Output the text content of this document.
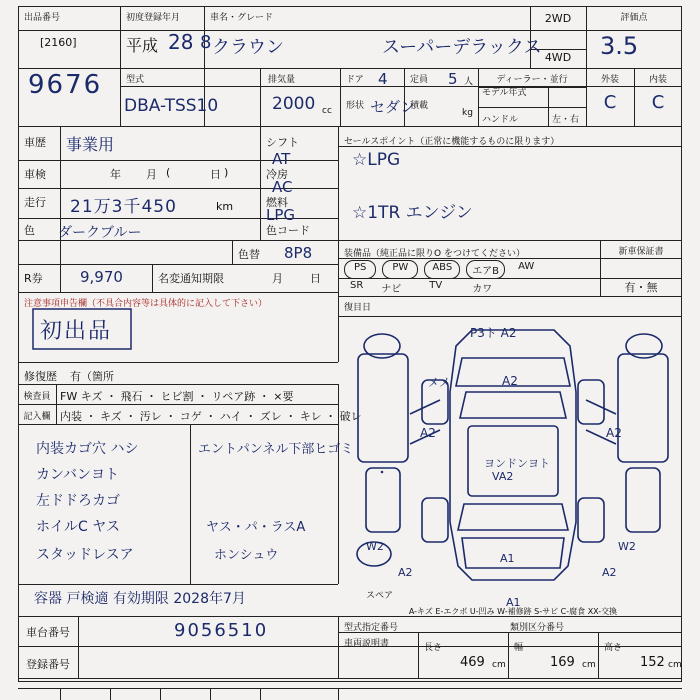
出品番号
[2160]
9676
初度登録年月
平成 28 8
車名・グレード
クラウン	スーパーデラックス
2WD
4WD
評価点
3.5
型式
DBA-TSS10
排気量
2000 cc
ドア 4
形状 セダン
定員 5 人
積載
kg
ディーラー・並行
モデル年式
ハンドル	左・右
外装	内装
C	C
車歴 事業用
車検	年 月 (	日 )
走行 21万3千450	km
色 ダークブルー
色替
色コード
8P8
R券 9,970	名変通知期限	月 日
シフト
AT
冷房
AC
燃料
LPG
注意事項申告欄（不具合内容等は具体的に記入して下さい）
初出品
修復歴 有（箇所
セールスポイント（正常に機能するものに限ります）
☆LPG
☆1TR エンジン
装備品（純正品に限りO をつけてください）	新車保証書
有・無
PS	PW	ABS	エアB	AW
SR ナビ	TV	カワ
復目日
検査員 FW キズ ・ 飛石 ・ ヒビ割 ・ リペア跡 ・ ×要
記入欄 内装 ・ キズ ・ 汚レ ・ コゲ ・ ハイ ・ ズレ ・ キレ ・ 破レ
内装カゴ穴 ハシ
カンバンヨト
左ドドろカゴ
ホイルC ヤス
スタッドレスア
エントパンネル下部ヒゴミ
ヤス・パ・ラスA
ホンシュウ
容器 戸検適 有効期限 2028年7月
P3ト A2
メメ	A2
A2	A2
ヨンドンヨト
VA2
W2	W2
A2	A2
A1
A1
スペア
A-キズ E-エクボ U-凹み W-補修跡 S-サビ C-腐食 XX-交換
車台番号	9056510
登録番号
型式指定番号	類別区分番号
車両説明書	長さ
469 cm
幅
169 cm
高さ
152 cm
